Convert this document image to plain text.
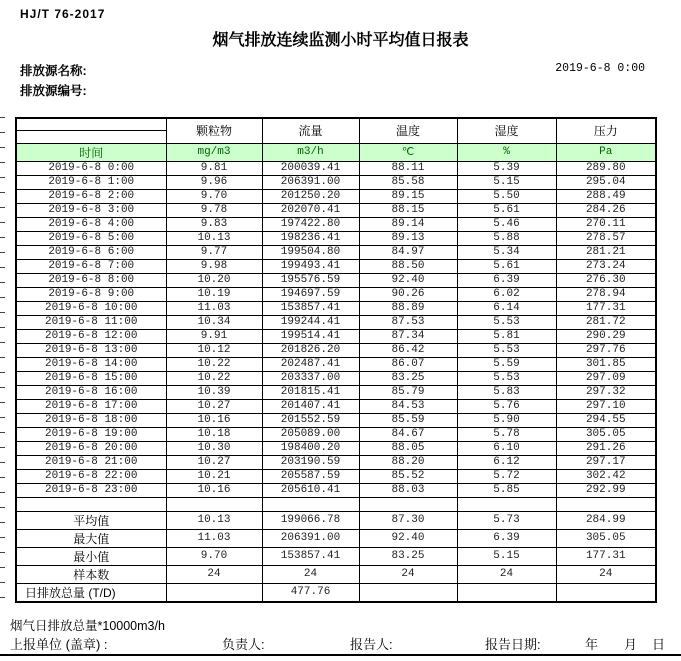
HJ/T 76-2017
烟气排放连续监测小时平均值日报表
排放源名称:
排放源编号:
2019-6-8 0:00
	颗粒物	流量	温度	湿度	压力
时间	mg/m3	m3/h	℃	%	Pa
2019-6-8 0:00	9.81	200039.41	88.11	5.39	289.80
2019-6-8 1:00	9.96	206391.00	85.58	5.15	295.04
2019-6-8 2:00	9.70	201250.20	89.15	5.50	288.49
2019-6-8 3:00	9.78	202070.41	88.15	5.61	284.26
2019-6-8 4:00	9.83	197422.80	89.14	5.46	270.11
2019-6-8 5:00	10.13	198236.41	89.13	5.88	278.57
2019-6-8 6:00	9.77	199504.80	84.97	5.34	281.21
2019-6-8 7:00	9.98	199493.41	88.50	5.61	273.24
2019-6-8 8:00	10.20	195576.59	92.40	6.39	276.30
2019-6-8 9:00	10.19	194697.59	90.26	6.02	278.94
2019-6-8 10:00	11.03	153857.41	88.89	6.14	177.31
2019-6-8 11:00	10.34	199244.41	87.53	5.53	281.72
2019-6-8 12:00	9.91	199514.41	87.34	5.81	290.29
2019-6-8 13:00	10.12	201826.20	86.42	5.53	297.76
2019-6-8 14:00	10.22	202487.41	86.07	5.59	301.85
2019-6-8 15:00	10.22	203337.00	83.25	5.53	297.09
2019-6-8 16:00	10.39	201815.41	85.79	5.83	297.32
2019-6-8 17:00	10.27	201407.41	84.53	5.76	297.10
2019-6-8 18:00	10.16	201552.59	85.59	5.90	294.55
2019-6-8 19:00	10.18	205089.00	84.67	5.78	305.05
2019-6-8 20:00	10.30	198400.20	88.05	6.10	291.26
2019-6-8 21:00	10.27	203190.59	88.20	6.12	297.17
2019-6-8 22:00	10.21	205587.59	85.52	5.72	302.42
2019-6-8 23:00	10.16	205610.41	88.03	5.85	292.99

平均值	10.13	199066.78	87.30	5.73	284.99
最大值	11.03	206391.00	92.40	6.39	305.05
最小值	9.70	153857.41	83.25	5.15	177.31
样本数	24	24	24	24	24
日排放总量 (T/D)		477.76			
烟气日排放总量*10000m3/h
上报单位 (盖章) :	负责人:	报告人:	报告日期:	年 月 日
